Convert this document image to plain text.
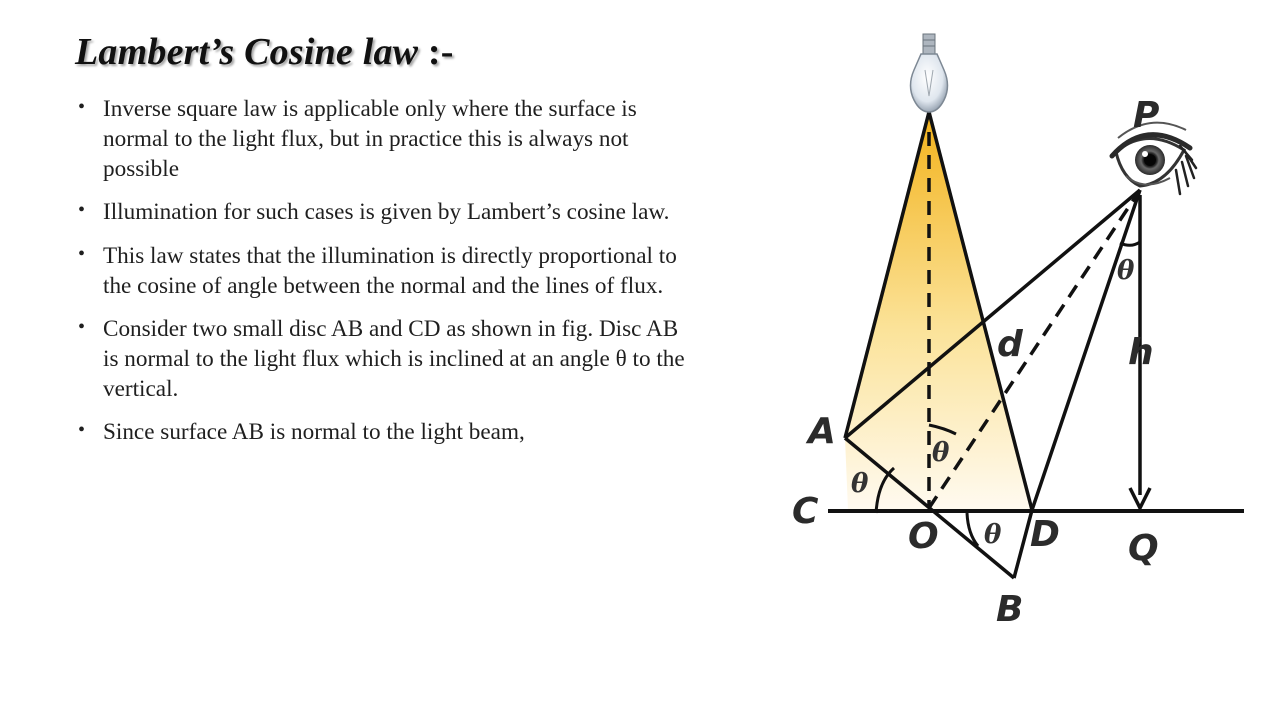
Lambert’s Cosine law :-
• Inverse square law is applicable only where the surface is normal to the light flux, but in practice this is always not possible
• Illumination for such cases is given by Lambert’s cosine law.
• This law states that the illumination is directly proportional to the cosine of angle between the normal and the lines of flux.
• Consider two small disc AB and CD as shown in fig. Disc AB is normal to the light flux which is inclined at an angle θ to the vertical.
• Since surface AB is normal to the light beam,
P
A
C
O	D Q
B
d	h
θ
θ
θ
θ
